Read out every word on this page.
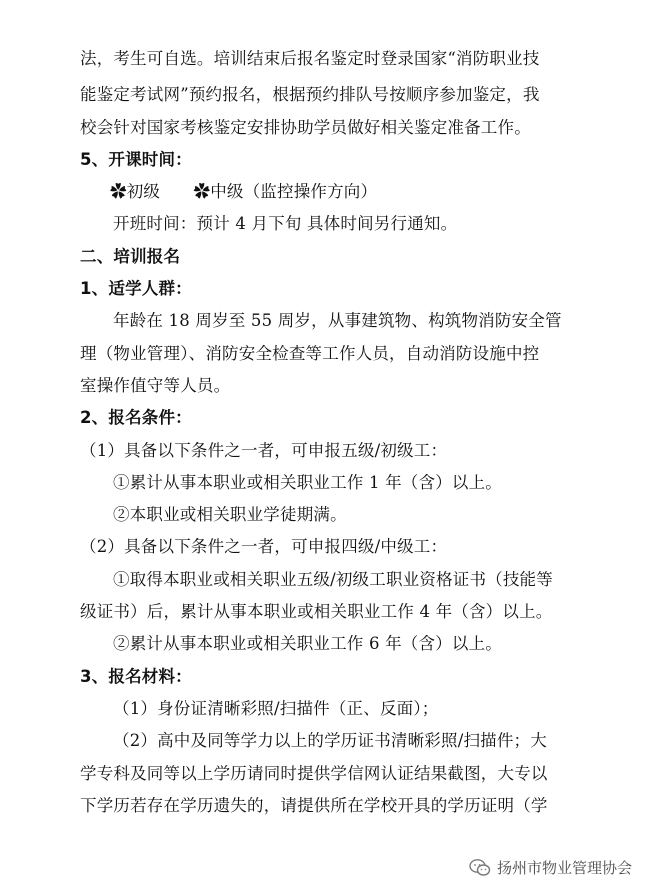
法，考生可自选。培训结束后报名鉴定时登录国家“消防职业技
能鉴定考试网”预约报名，根据预约排队号按顺序参加鉴定，我
校会针对国家考核鉴定安排协助学员做好相关鉴定准备工作。
5、开课时间：
✿初级　　✿中级（监控操作方向）
开班时间：预计 4 月下旬 具体时间另行通知。
二、培训报名
1、适学人群：
年龄在 18 周岁至 55 周岁，从事建筑物、构筑物消防安全管
理（物业管理）、消防安全检查等工作人员，自动消防设施中控
室操作值守等人员。
2、报名条件：
（1）具备以下条件之一者，可申报五级/初级工：
①累计从事本职业或相关职业工作 1 年（含）以上。
②本职业或相关职业学徒期满。
（2）具备以下条件之一者，可申报四级/中级工：
①取得本职业或相关职业五级/初级工职业资格证书（技能等
级证书）后，累计从事本职业或相关职业工作 4 年（含）以上。
②累计从事本职业或相关职业工作 6 年（含）以上。
3、报名材料：
（1）身份证清晰彩照/扫描件（正、反面）；
（2）高中及同等学力以上的学历证书清晰彩照/扫描件；大
学专科及同等以上学历请同时提供学信网认证结果截图，大专以
下学历若存在学历遗失的，请提供所在学校开具的学历证明（学
扬州市物业管理协会
